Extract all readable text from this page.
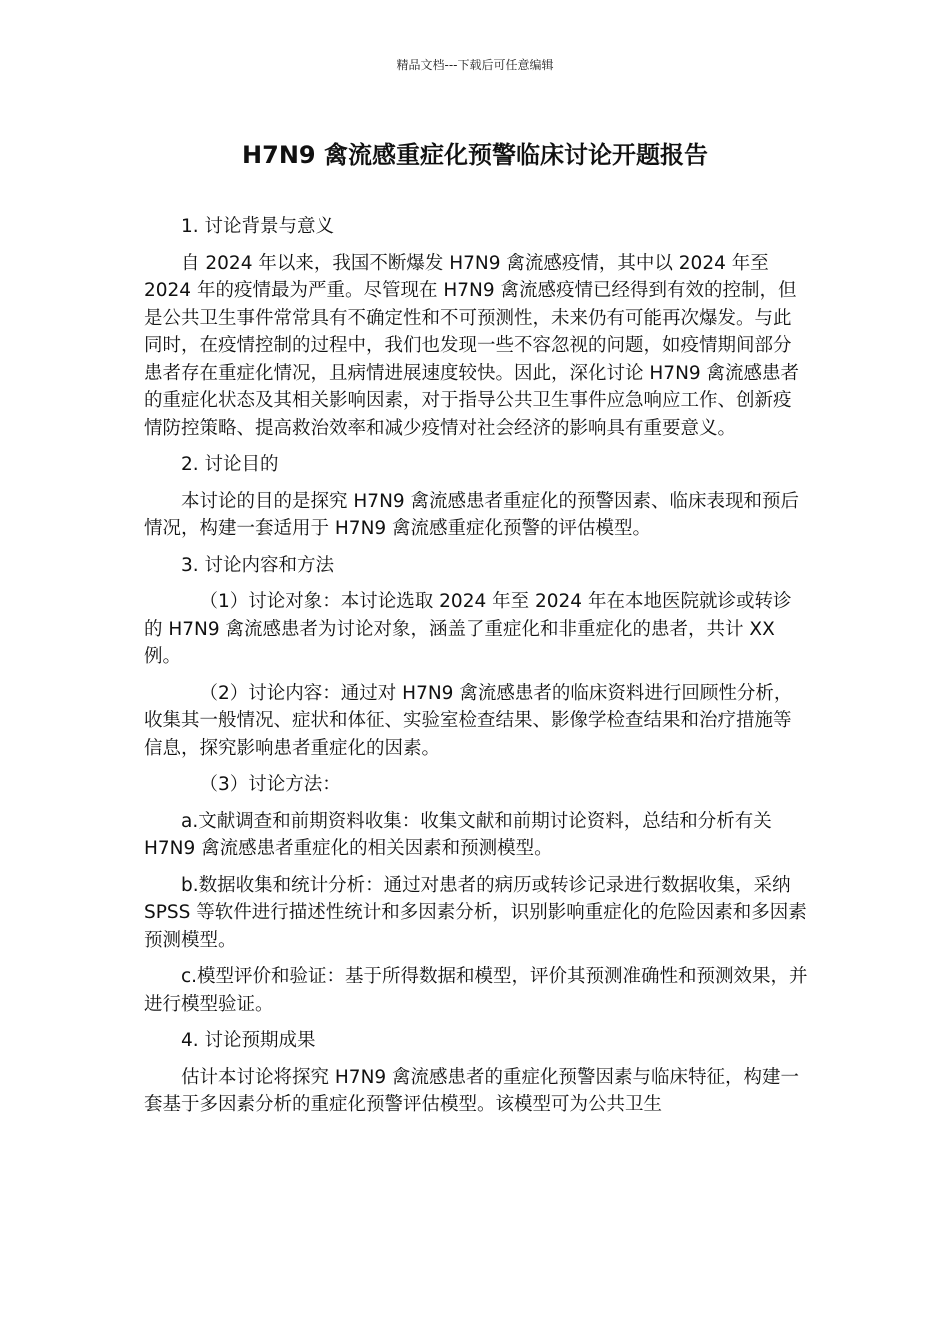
精品文档---下载后可任意编辑
H7N9 禽流感重症化预警临床讨论开题报告

1. 讨论背景与意义

自 2024 年以来，我国不断爆发 H7N9 禽流感疫情，其中以 2024 年至 2024 年的疫情最为严重。尽管现在 H7N9 禽流感疫情已经得到有效的控制，但是公共卫生事件常常具有不确定性和不可预测性，未来仍有可能再次爆发。与此同时，在疫情控制的过程中，我们也发现一些不容忽视的问题，如疫情期间部分患者存在重症化情况，且病情进展速度较快。因此，深化讨论 H7N9 禽流感患者的重症化状态及其相关影响因素，对于指导公共卫生事件应急响应工作、创新疫情防控策略、提高救治效率和减少疫情对社会经济的影响具有重要意义。

2. 讨论目的

本讨论的目的是探究 H7N9 禽流感患者重症化的预警因素、临床表现和预后情况，构建一套适用于 H7N9 禽流感重症化预警的评估模型。

3. 讨论内容和方法

（1）讨论对象：本讨论选取 2024 年至 2024 年在本地医院就诊或转诊的 H7N9 禽流感患者为讨论对象，涵盖了重症化和非重症化的患者，共计 XX 例。

（2）讨论内容：通过对 H7N9 禽流感患者的临床资料进行回顾性分析，收集其一般情况、症状和体征、实验室检查结果、影像学检查结果和治疗措施等信息，探究影响患者重症化的因素。

（3）讨论方法：

a.文献调查和前期资料收集：收集文献和前期讨论资料，总结和分析有关 H7N9 禽流感患者重症化的相关因素和预测模型。

b.数据收集和统计分析：通过对患者的病历或转诊记录进行数据收集，采纳 SPSS 等软件进行描述性统计和多因素分析，识别影响重症化的危险因素和多因素预测模型。

c.模型评价和验证：基于所得数据和模型，评价其预测准确性和预测效果，并进行模型验证。

4. 讨论预期成果

估计本讨论将探究 H7N9 禽流感患者的重症化预警因素与临床特征，构建一套基于多因素分析的重症化预警评估模型。该模型可为公共卫生
